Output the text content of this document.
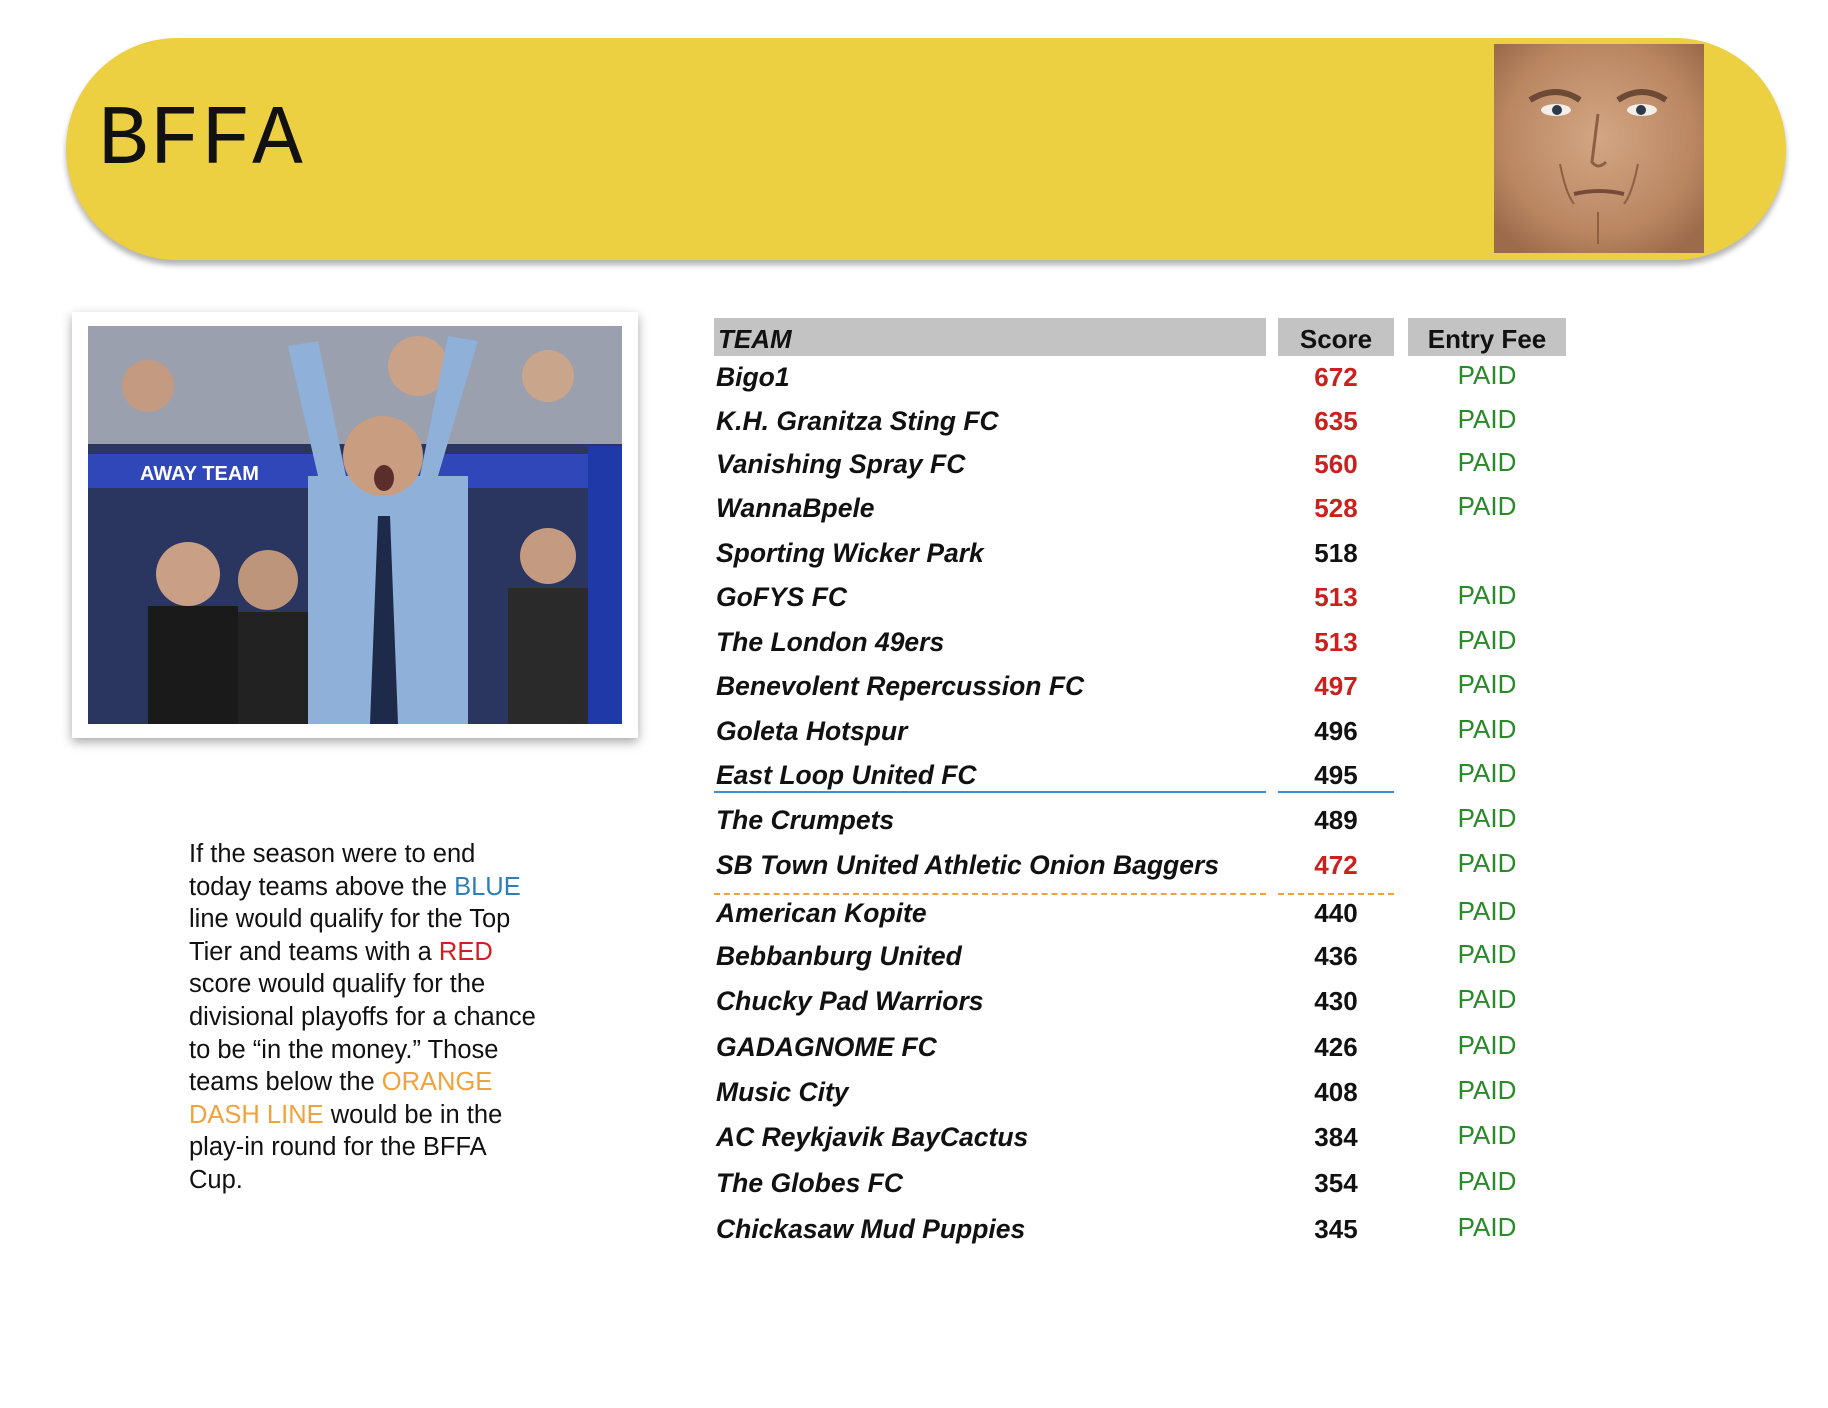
BFFA
AWAY TEAM
If the season were to end today teams above the BLUE line would qualify for the Top Tier and teams with a RED score would qualify for the divisional playoffs for a chance to be “in the money.” Those teams below the ORANGE DASH LINE would be in the play-in round for the BFFA Cup.
TEAM	Score	Entry Fee
Bigo1	672	PAID
K.H. Granitza Sting FC	635	PAID
Vanishing Spray FC	560	PAID
WannaBpele	528	PAID
Sporting Wicker Park	518
GoFYS FC	513	PAID
The London 49ers	513	PAID
Benevolent Repercussion FC	497	PAID
Goleta Hotspur	496	PAID
East Loop United FC	495	PAID
The Crumpets	489	PAID
SB Town United Athletic Onion Baggers	472	PAID
American Kopite	440	PAID
Bebbanburg United	436	PAID
Chucky Pad Warriors	430	PAID
GADAGNOME FC	426	PAID
Music City	408	PAID
AC Reykjavik BayCactus	384	PAID
The Globes FC	354	PAID
Chickasaw Mud Puppies	345	PAID
